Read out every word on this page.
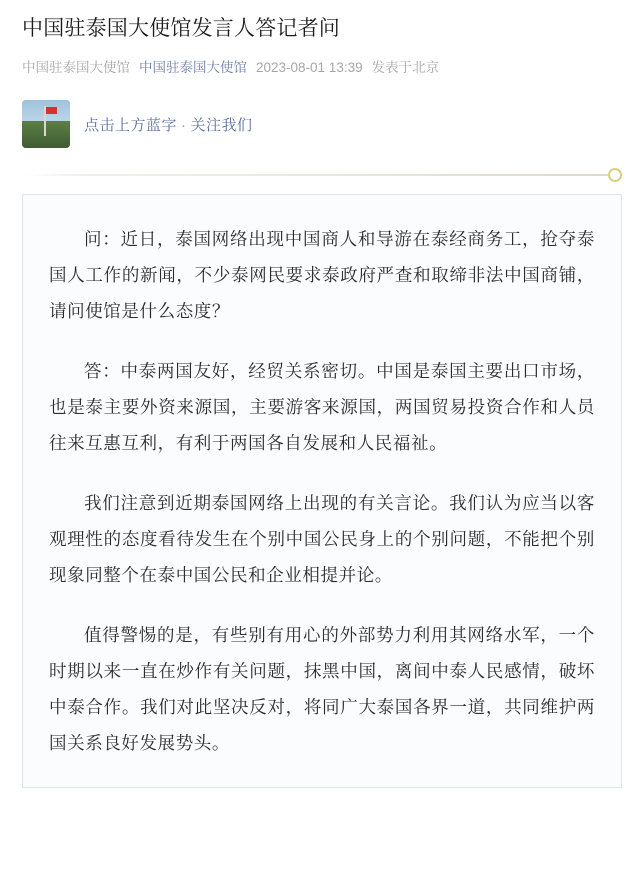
中国驻泰国大使馆发言人答记者问
中国驻泰国大使馆 中国驻泰国大使馆 2023-08-01 13:39 发表于北京
点击上方蓝字 · 关注我们

问：近日，泰国网络出现中国商人和导游在泰经商务工，抢夺泰国人工作的新闻，不少泰网民要求泰政府严查和取缔非法中国商铺，请问使馆是什么态度？

答：中泰两国友好，经贸关系密切。中国是泰国主要出口市场，也是泰主要外资来源国，主要游客来源国，两国贸易投资合作和人员往来互惠互利，有利于两国各自发展和人民福祉。

我们注意到近期泰国网络上出现的有关言论。我们认为应当以客观理性的态度看待发生在个别中国公民身上的个别问题，不能把个别现象同整个在泰中国公民和企业相提并论。

值得警惕的是，有些别有用心的外部势力利用其网络水军，一个时期以来一直在炒作有关问题，抹黑中国，离间中泰人民感情，破坏中泰合作。我们对此坚决反对，将同广大泰国各界一道，共同维护两国关系良好发展势头。
